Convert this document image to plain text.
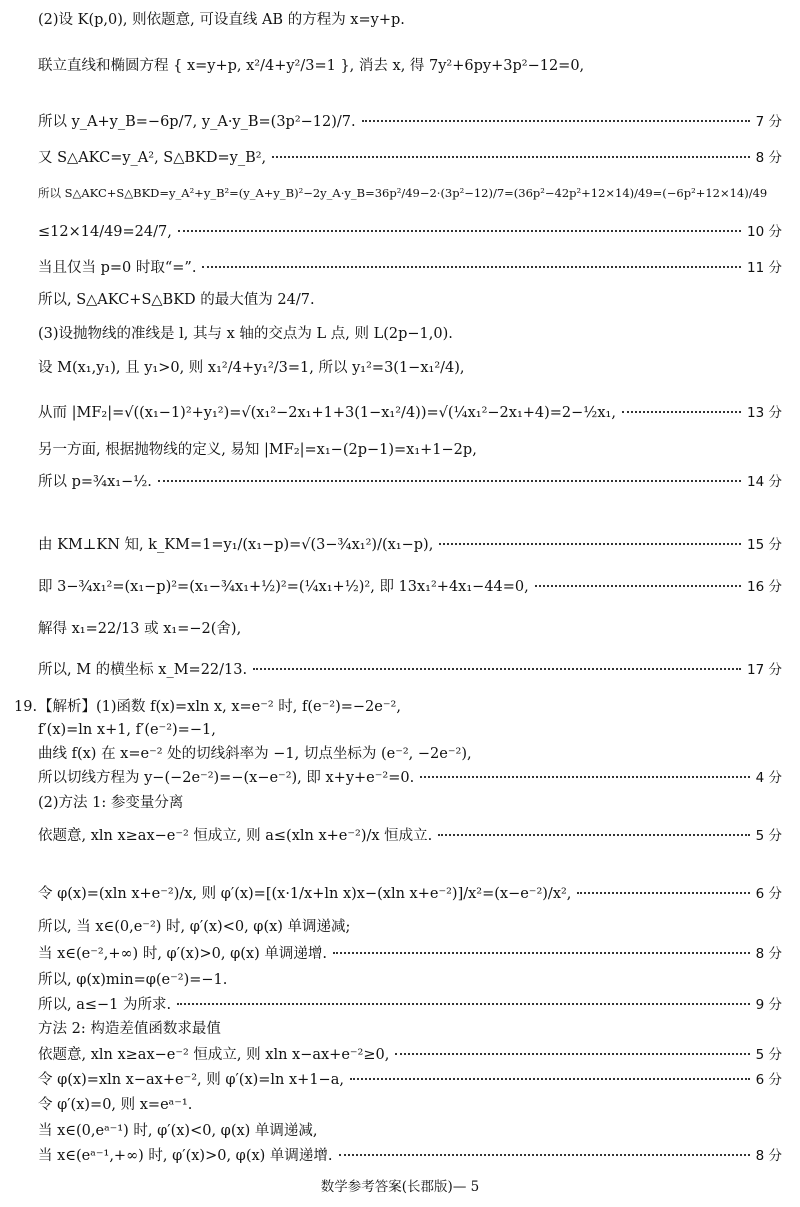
(2)设 K(p,0), 则依题意, 可设直线 AB 的方程为 x=y+p.
联立直线和椭圆方程 { x=y+p, x²/4+y²/3=1 }, 消去 x, 得 7y²+6py+3p²−12=0,
所以 y_A+y_B=−6p/7, y_A·y_B=(3p²−12)/7.	7 分
又 S△AKC=y_A², S△BKD=y_B²,	8 分
所以 S△AKC+S△BKD=y_A²+y_B²=(y_A+y_B)²−2y_A·y_B=36p²/49−2·(3p²−12)/7=(36p²−42p²+12×14)/49=(−6p²+12×14)/49
≤12×14/49=24/7,	10 分
当且仅当 p=0 时取“=”.	11 分
所以, S△AKC+S△BKD 的最大值为 24/7.
(3)设抛物线的准线是 l, 其与 x 轴的交点为 L 点, 则 L(2p−1,0).
设 M(x₁,y₁), 且 y₁>0, 则 x₁²/4+y₁²/3=1, 所以 y₁²=3(1−x₁²/4),
从而 |MF₂|=√((x₁−1)²+y₁²)=√(x₁²−2x₁+1+3(1−x₁²/4))=√(¼x₁²−2x₁+4)=2−½x₁,	13 分
另一方面, 根据抛物线的定义, 易知 |MF₂|=x₁−(2p−1)=x₁+1−2p,
所以 p=¾x₁−½.	14 分
由 KM⊥KN 知, k_KM=1=y₁/(x₁−p)=√(3−¾x₁²)/(x₁−p),	15 分
即 3−¾x₁²=(x₁−p)²=(x₁−¾x₁+½)²=(¼x₁+½)², 即 13x₁²+4x₁−44=0,	16 分
解得 x₁=22/13 或 x₁=−2(舍),
所以, M 的横坐标 x_M=22/13.	17 分
【解析】(1)函数 f(x)=xln x, x=e⁻² 时, f(e⁻²)=−2e⁻²,
f′(x)=ln x+1, f′(e⁻²)=−1,
曲线 f(x) 在 x=e⁻² 处的切线斜率为 −1, 切点坐标为 (e⁻², −2e⁻²),
所以切线方程为 y−(−2e⁻²)=−(x−e⁻²), 即 x+y+e⁻²=0.	4 分
(2)方法 1: 参变量分离
依题意, xln x≥ax−e⁻² 恒成立, 则 a≤(xln x+e⁻²)/x 恒成立.	5 分
令 φ(x)=(xln x+e⁻²)/x, 则 φ′(x)=[(x·1/x+ln x)x−(xln x+e⁻²)]/x²=(x−e⁻²)/x²,	6 分
所以, 当 x∈(0,e⁻²) 时, φ′(x)<0, φ(x) 单调递减;
当 x∈(e⁻²,+∞) 时, φ′(x)>0, φ(x) 单调递增.	8 分
所以, φ(x)min=φ(e⁻²)=−1.
所以, a≤−1 为所求.	9 分
方法 2: 构造差值函数求最值
依题意, xln x≥ax−e⁻² 恒成立, 则 xln x−ax+e⁻²≥0,	5 分
令 φ(x)=xln x−ax+e⁻², 则 φ′(x)=ln x+1−a,	6 分
令 φ′(x)=0, 则 x=eᵃ⁻¹.
当 x∈(0,eᵃ⁻¹) 时, φ′(x)<0, φ(x) 单调递减,
当 x∈(eᵃ⁻¹,+∞) 时, φ′(x)>0, φ(x) 单调递增.	8 分
19.
数学参考答案(长郡版)— 5
